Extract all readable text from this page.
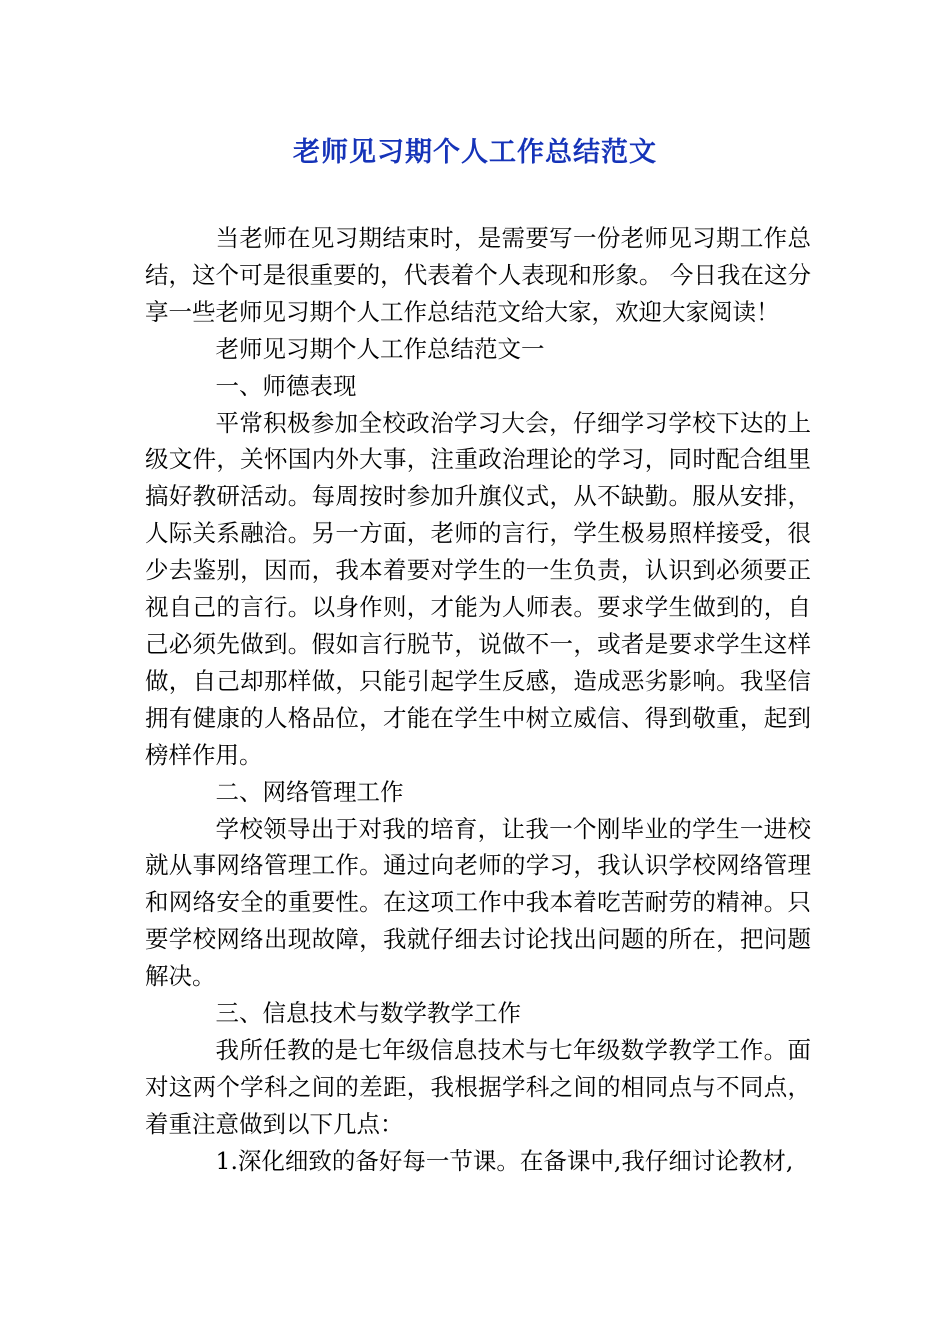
老师见习期个人工作总结范文

当老师在见习期结束时，是需要写一份老师见习期工作总结，这个可是很重要的，代表着个人表现和形象。 今日我在这分享一些老师见习期个人工作总结范文给大家，欢迎大家阅读！

老师见习期个人工作总结范文一

一、师德表现

平常积极参加全校政治学习大会，仔细学习学校下达的上级文件，关怀国内外大事，注重政治理论的学习，同时配合组里搞好教研活动。每周按时参加升旗仪式，从不缺勤。服从安排，人际关系融洽。另一方面，老师的言行，学生极易照样接受，很少去鉴别，因而，我本着要对学生的一生负责，认识到必须要正视自己的言行。以身作则，才能为人师表。要求学生做到的，自己必须先做到。假如言行脱节，说做不一，或者是要求学生这样做，自己却那样做，只能引起学生反感，造成恶劣影响。我坚信拥有健康的人格品位，才能在学生中树立威信、得到敬重，起到榜样作用。

二、网络管理工作

学校领导出于对我的培育，让我一个刚毕业的学生一进校就从事网络管理工作。通过向老师的学习，我认识学校网络管理和网络安全的重要性。在这项工作中我本着吃苦耐劳的精神。只要学校网络出现故障，我就仔细去讨论找出问题的所在，把问题解决。

三、信息技术与数学教学工作

我所任教的是七年级信息技术与七年级数学教学工作。面对这两个学科之间的差距，我根据学科之间的相同点与不同点，着重注意做到以下几点：

1.深化细致的备好每一节课。在备课中,我仔细讨论教材,
